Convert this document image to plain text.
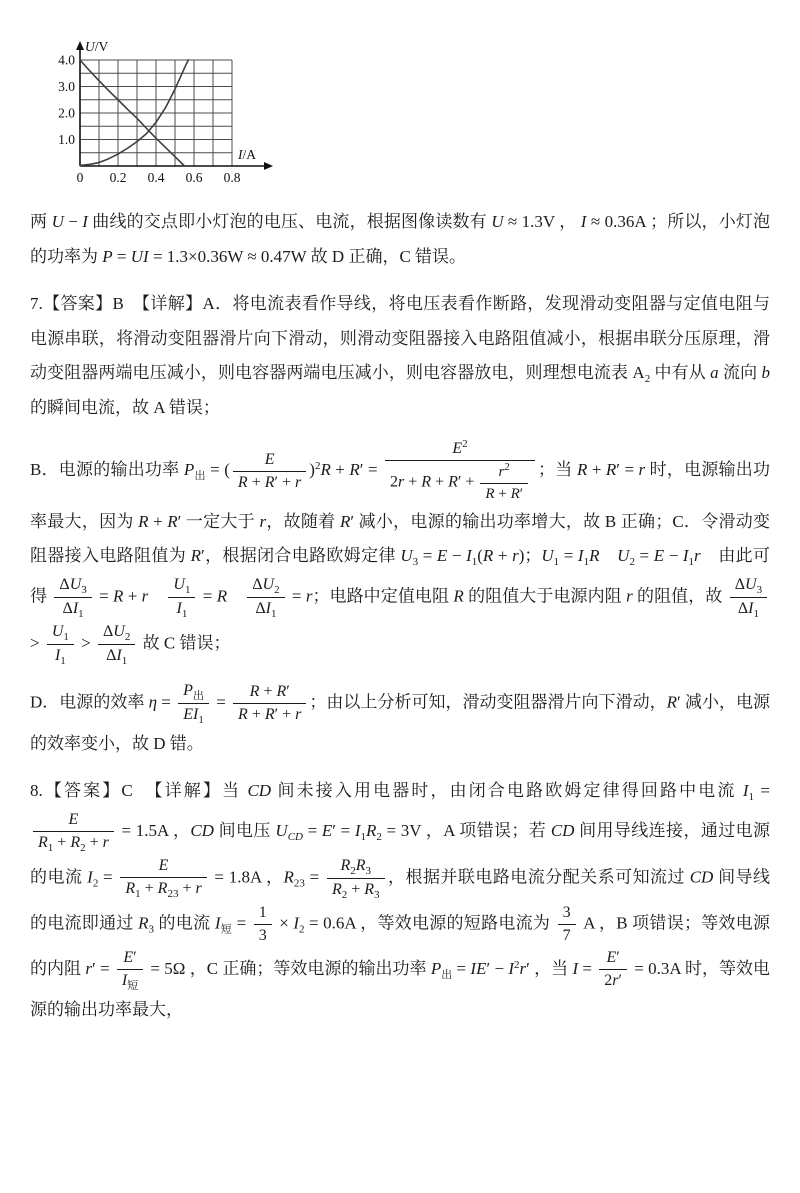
1.0
2.0
3.0
4.0
0 0.2 0.4 0.6 0.8
U/V
I/A

两 U − I 曲线的交点即小灯泡的电压、电流，根据图像读数有 U ≈ 1.3V ， I ≈ 0.36A ；所以，小灯泡的功率为 P = UI = 1.3×0.36W ≈ 0.47W 故 D 正确，C 错误。

7.【答案】B　【详解】A．将电流表看作导线，将电压表看作断路，发现滑动变阻器与定值电阻与电源串联，将滑动变阻器滑片向下滑动，则滑动变阻器接入电路阻值减小，根据串联分压原理，滑动变阻器两端电压减小，则电容器两端电压减小，则电容器放电，则理想电流表 $A_2$ 中有从 a 流向 b 的瞬间电流，故 A 错误；

B．电源的输出功率 $P_出$ = ( $\frac{E}{R + R' + r} )^2R + R' = \frac{E^2}{2r + R + R' + \frac{r^2}{R + R'}}$ ；当 R + R′ = r 时，电源输出功率最大，因为 R + R′ 一定大于 r，故随着 R′ 减小，电源的输出功率增大，故 B 正确；C．令滑动变阻器接入电路阻值为 R′，根据闭合电路欧姆定律 $U_3 = E - I_1(R + r)$；$U_1 = I_1R$　 $U_2 = E - I_1r$　由此可得 $\frac{\Delta U_3}{\Delta I_1} = R + r$　 $\frac{U_1}{I_1} = R$　 $\frac{\Delta U_2}{\Delta I_1} = r$；电路中定值电阻 R 的阻值大于电源内阻 r 的阻值，故 $\frac{\Delta U_3}{\Delta I_1}$
> $\frac{U_1}{I_1} > \frac{\Delta U_2}{\Delta I_1}$ 故 C 错误；

D．电源的效率 $\eta = \frac{P_出}{EI_1} = \frac{R + R'}{R + R' + r}$ ；由以上分析可知，滑动变阻器滑片向下滑动，R′ 减小，电源的效率变小，故 D 错。

8.【答案】C　【详解】当 CD 间未接入用电器时，由闭合电路欧姆定律得回路中电流 $I_1$ =
$\frac{E}{R_1 + R_2 + r} = 1.5A$ ，CD 间电压 $U_{CD} = E' = I_1R_2 = 3V$ ，A 项错误；若 CD 间用导线连接，通过电源的电流 $I_2 = \frac{E}{R_1 + R_{23} + r} = 1.8A$ ，$R_{23} = \frac{R_2R_3}{R_2 + R_3}$ ，根据并联电路电流分配关系可知流过 CD 间导线的电流即通过 $R_3$ 的电流 $I_短 = \frac{1}{3} \times I_2 = 0.6A$ ，等效电源的短路电流为 $\frac{3}{7}$ A ，B 项错误；等效电源的内阻 $r' = \frac{E'}{I_短} = 5\Omega$ ，C 正确；等效电源的输出功率 $P_出 = IE' - I^2r'$ ，当 $I = \frac{E'}{2r'} = 0.3A$ 时，等效电源的输出功率最大，
